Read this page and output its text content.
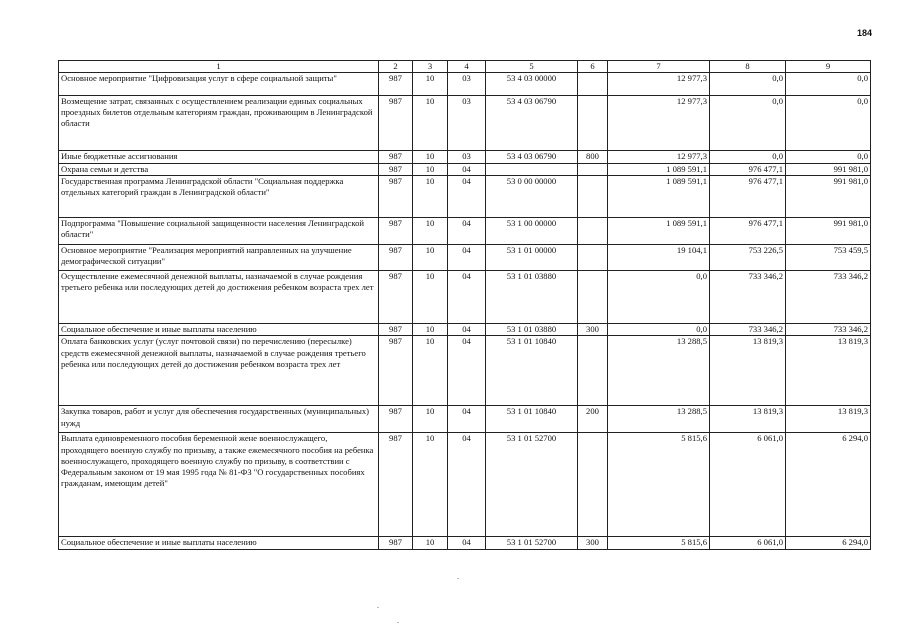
184
1	2	3	4	5	6	7	8	9
Основное мероприятие "Цифровизация услуг в сфере социальной защиты"	987	10	03	53 4 03 00000		12 977,3	0,0	0,0
Возмещение затрат, связанных с осуществлением реализации единых социальных проездных билетов отдельным категориям граждан, проживающим в Ленинградской области	987	10	03	53 4 03 06790		12 977,3	0,0	0,0
Иные бюджетные ассигнования	987	10	03	53 4 03 06790	800	12 977,3	0,0	0,0
Охрана семьи и детства	987	10	04			1 089 591,1	976 477,1	991 981,0
Государственная программа Ленинградской области "Социальная поддержка отдельных категорий граждан в Ленинградской области"	987	10	04	53 0 00 00000		1 089 591,1	976 477,1	991 981,0
Подпрограмма "Повышение социальной защищенности населения Ленинградской области"	987	10	04	53 1 00 00000		1 089 591,1	976 477,1	991 981,0
Основное мероприятие "Реализация мероприятий направленных на улучшение демографической ситуации"	987	10	04	53 1 01 00000		19 104,1	753 226,5	753 459,5
Осуществление ежемесячной денежной выплаты, назначаемой в случае рождения третьего ребенка или последующих детей до достижения ребенком возраста трех лет	987	10	04	53 1 01 03880		0,0	733 346,2	733 346,2
Социальное обеспечение и иные выплаты населению	987	10	04	53 1 01 03880	300	0,0	733 346,2	733 346,2
Оплата банковских услуг (услуг почтовой связи) по перечислению (пересылке) средств ежемесячной денежной выплаты, назначаемой в случае рождения третьего ребенка или последующих детей до достижения ребенком возраста трех лет	987	10	04	53 1 01 10840		13 288,5	13 819,3	13 819,3
Закупка товаров, работ и услуг для обеспечения государственных (муниципальных) нужд	987	10	04	53 1 01 10840	200	13 288,5	13 819,3	13 819,3
Выплата единовременного пособия беременной жене военнослужащего, проходящего военную службу по призыву, а также ежемесячного пособия на ребенка военнослужащего, проходящего военную службу по призыву, в соответствии с Федеральным законом от 19 мая 1995 года № 81-ФЗ "О государственных пособиях гражданам, имеющим детей"	987	10	04	53 1 01 52700		5 815,6	6 061,0	6 294,0
Социальное обеспечение и иные выплаты населению	987	10	04	53 1 01 52700	300	5 815,6	6 061,0	6 294,0
